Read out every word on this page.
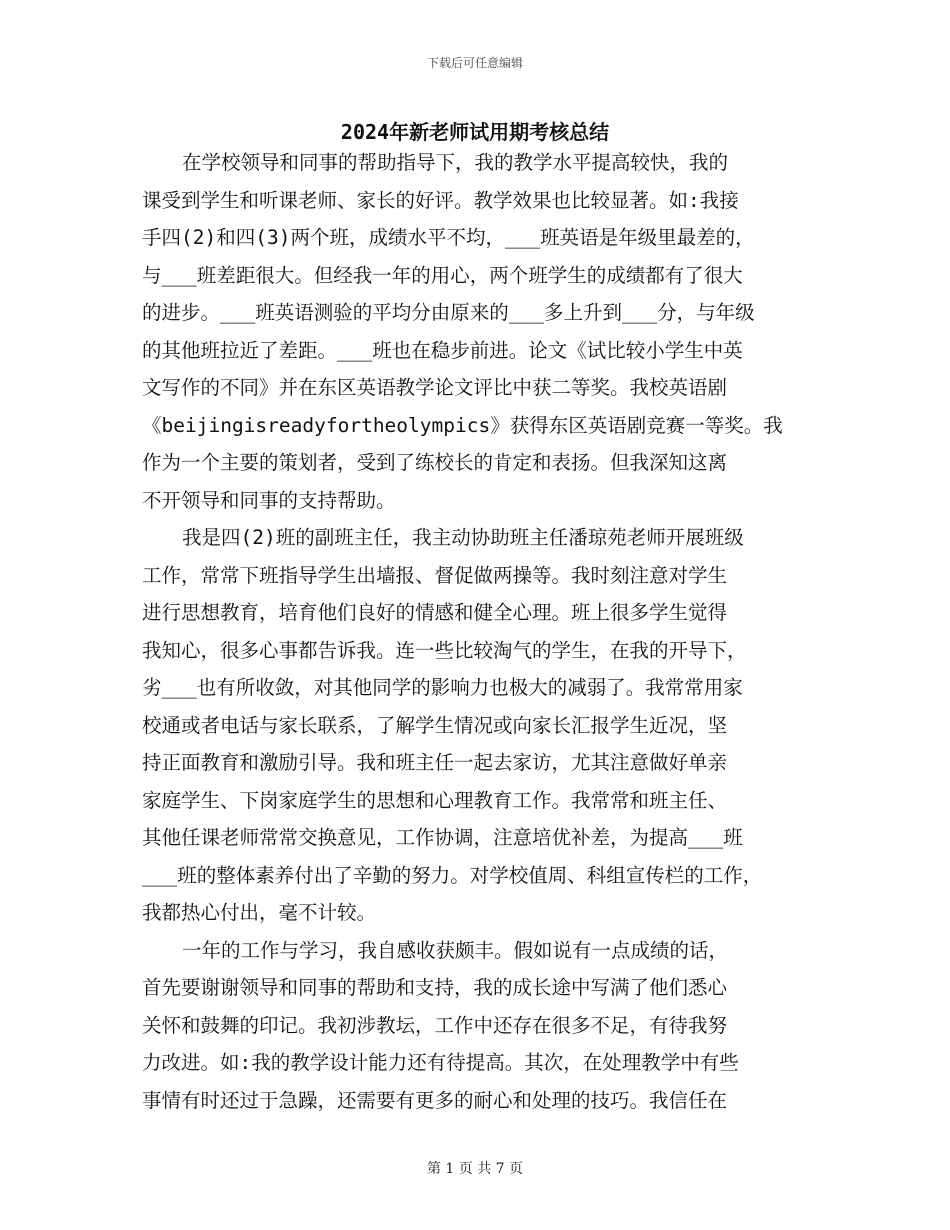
下载后可任意编辑
2024年新老师试用期考核总结
在学校领导和同事的帮助指导下，我的教学水平提高较快，我的
课受到学生和听课老师、家长的好评。教学效果也比较显著。如:我接
手四(2)和四(3)两个班，成绩水平不均，___班英语是年级里最差的，
与___班差距很大。但经我一年的用心，两个班学生的成绩都有了很大
的进步。___班英语测验的平均分由原来的___多上升到___分，与年级
的其他班拉近了差距。___班也在稳步前进。论文《试比较小学生中英
文写作的不同》并在东区英语教学论文评比中获二等奖。我校英语剧
《beijingisreadyfortheolympics》获得东区英语剧竞赛一等奖。我
作为一个主要的策划者，受到了练校长的肯定和表扬。但我深知这离
不开领导和同事的支持帮助。
我是四(2)班的副班主任，我主动协助班主任潘琼苑老师开展班级
工作，常常下班指导学生出墙报、督促做两操等。我时刻注意对学生
进行思想教育，培育他们良好的情感和健全心理。班上很多学生觉得
我知心，很多心事都告诉我。连一些比较淘气的学生，在我的开导下，
劣___也有所收敛，对其他同学的影响力也极大的减弱了。我常常用家
校通或者电话与家长联系，了解学生情况或向家长汇报学生近况，坚
持正面教育和激励引导。我和班主任一起去家访，尤其注意做好单亲
家庭学生、下岗家庭学生的思想和心理教育工作。我常常和班主任、
其他任课老师常常交换意见，工作协调，注意培优补差，为提高___班
___班的整体素养付出了辛勤的努力。对学校值周、科组宣传栏的工作，
我都热心付出，毫不计较。
一年的工作与学习，我自感收获颇丰。假如说有一点成绩的话，
首先要谢谢领导和同事的帮助和支持，我的成长途中写满了他们悉心
关怀和鼓舞的印记。我初涉教坛，工作中还存在很多不足，有待我努
力改进。如:我的教学设计能力还有待提高。其次，在处理教学中有些
事情有时还过于急躁，还需要有更多的耐心和处理的技巧。我信任在
第 1 页 共 7 页
